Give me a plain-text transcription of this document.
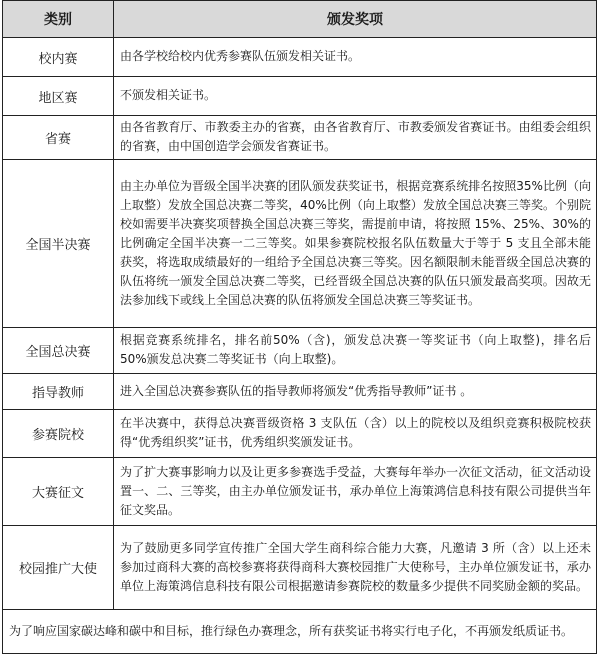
类别	颁发奖项
校内赛	由各学校给校内优秀参赛队伍颁发相关证书。
地区赛	不颁发相关证书。
省赛	由各省教育厅、市教委主办的省赛，由各省教育厅、市教委颁发省赛证书。由组委会组织的省赛，由中国创造学会颁发省赛证书。
全国半决赛	由主办单位为晋级全国半决赛的团队颁发获奖证书，根据竞赛系统排名按照35%比例（向上取整）发放全国总决赛二等奖，40%比例（向上取整）发放全国总决赛三等奖。个别院校如需要半决赛奖项替换全国总决赛三等奖，需提前申请，将按照 15%、25%、30%的比例确定全国半决赛一二三等奖。如果参赛院校报名队伍数量大于等于 5 支且全部未能获奖，将选取成绩最好的一组给予全国总决赛三等奖。因名额限制未能晋级全国总决赛的队伍将统一颁发全国总决赛二等奖，已经晋级全国总决赛的队伍只颁发最高奖项。因故无法参加线下或线上全国总决赛的队伍将颁发全国总决赛三等奖证书。
全国总决赛	根据竞赛系统排名，排名前50%（含)，颁发总决赛一等奖证书（向上取整)，排名后 50%颁发总决赛二等奖证书（向上取整)。
指导教师	进入全国总决赛参赛队伍的指导教师将颁发“优秀指导教师”证书 。
参赛院校	在半决赛中，获得总决赛晋级资格 3 支队伍（含）以上的院校以及组织竞赛积极院校获得“优秀组织奖”证书，优秀组织奖颁发证书。
大赛征文	为了扩大赛事影响力以及让更多参赛选手受益，大赛每年举办一次征文活动，征文活动设置一、二、三等奖，由主办单位颁发证书，承办单位上海策鸿信息科技有限公司提供当年征文奖品。
校园推广大使	为了鼓励更多同学宣传推广全国大学生商科综合能力大赛，凡邀请 3 所（含）以上还未参加过商科大赛的高校参赛将获得商科大赛校园推广大使称号，主办单位颁发证书，承办单位上海策鸿信息科技有限公司根据邀请参赛院校的数量多少提供不同奖励金额的奖品。
为了响应国家碳达峰和碳中和目标，推行绿色办赛理念，所有获奖证书将实行电子化，不再颁发纸质证书。	
